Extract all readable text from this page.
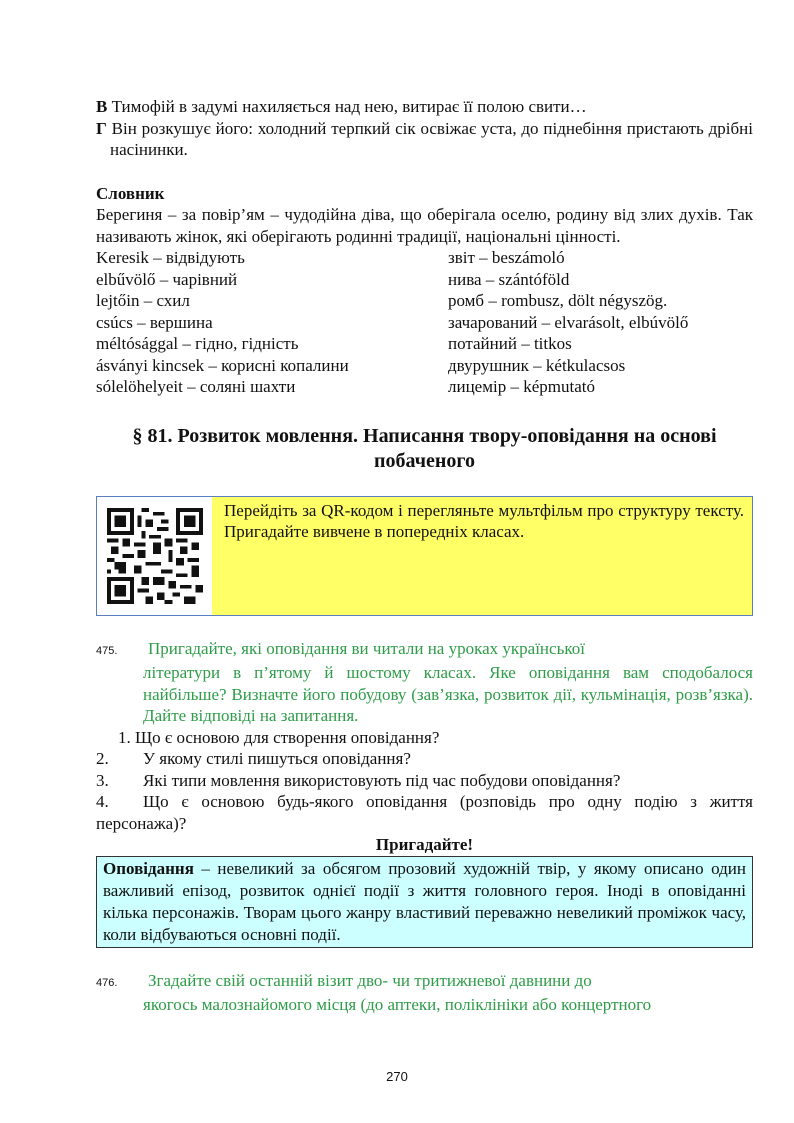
В Тимофій в задумі нахиляється над нею, витирає її полою свити…

Г Він розкушує його: холодний терпкий сік освіжає уста, до піднебіння пристають дрібні насінинки.

Словник

Берегиня – за повір’ям – чудодійна діва, що оберігала оселю, родину від злих духів. Так називають жінок, які оберігають родинні традиції, національні цінності.

Keresik – відвідують	звіт – beszámoló
elbűvölő – чарівний	нива – szántóföld
lejtőin – схил	ромб – rombusz, dölt négyszög.
csúcs – вершина	зачарований – elvarásolt, elbúvölő
méltósággal – гідно, гідність	потайний – titkos
ásványi kincsek – корисні копалини	двурушник – kétkulacsos
sólelöhelyeit – соляні шахти	лицемір – képmutató

§ 81. Розвиток мовлення. Написання твору-оповідання на основі побаченого

Перейдіть за QR-кодом і перегляньте мультфільм про структуру тексту. Пригадайте вивчене в попередніх класах.

475. Пригадайте, які оповідання ви читали на уроках української
літератури в п’ятому й шостому класах. Яке оповідання вам сподобалося найбільше? Визначте його побудову (зав’язка, розвиток дії, кульмінація, розв’язка). Дайте відповіді на запитання.

1. Що є основою для створення оповідання?

2. У якому стилі пишуться оповідання?

3. Які типи мовлення використовують під час побудови оповідання?

4. Що є основою будь-якого оповідання (розповідь про одну подію з життя персонажа)?

Пригадайте!

Оповідання – невеликий за обсягом прозовий художній твір, у якому описано один важливий епізод, розвиток однієї події з життя головного героя. Іноді в оповіданні кілька персонажів. Творам цього жанру властивий переважно невеликий проміжок часу, коли відбуваються основні події.
476. Згадайте свій останній візит дво- чи тритижневої давнини до
якогось малознайомого місця (до аптеки, поліклініки або концертного
270
